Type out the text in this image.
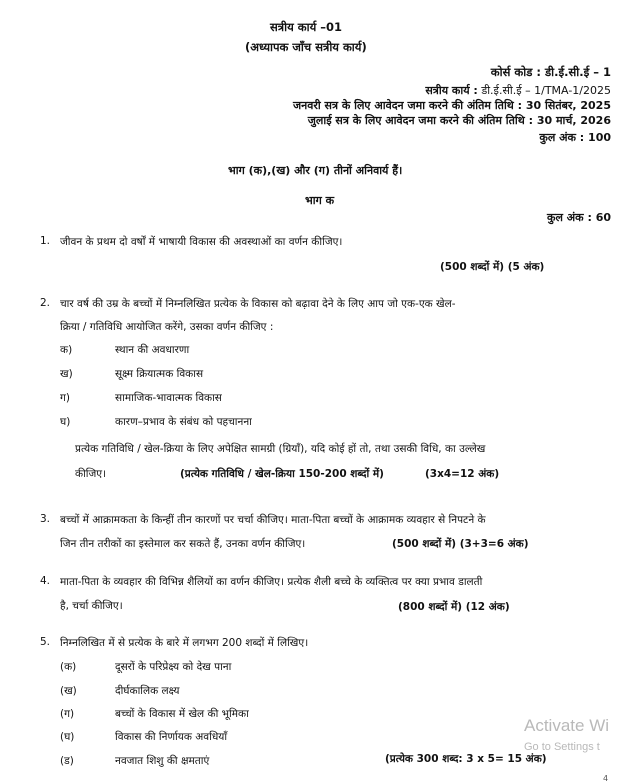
सत्रीय कार्य –01
(अध्यापक जाँच सत्रीय कार्य)
कोर्स कोड : डी.ई.सी.ई – 1
सत्रीय कार्य : डी.ई.सी.ई – 1/TMA-1/2025
जनवरी सत्र के लिए आवेदन जमा करने की अंतिम तिथि : 30 सितंबर, 2025
जुलाई सत्र के लिए आवेदन जमा करने की अंतिम तिथि : 30 मार्च, 2026
कुल अंक : 100
भाग (क),(ख) और (ग) तीनों अनिवार्य हैं।
भाग क
कुल अंक : 60
1. जीवन के प्रथम दो वर्षों में भाषायी विकास की अवस्थाओं का वर्णन कीजिए।
(500 शब्दों में) (5 अंक)
2. चार वर्ष की उम्र के बच्चों में निम्नलिखित प्रत्येक के विकास को बढ़ावा देने के लिए आप जो एक-एक खेल-
क्रिया / गतिविधि आयोजित करेंगे, उसका वर्णन कीजिए :
क)	स्थान की अवधारणा
ख)	सूक्ष्म क्रियात्मक विकास
ग)	सामाजिक-भावात्मक विकास
घ)	कारण–प्रभाव के संबंध को पहचानना
प्रत्येक गतिविधि / खेल-क्रिया के लिए अपेक्षित सामग्री (ग्रियाँ), यदि कोई हों तो, तथा उसकी विधि, का उल्लेख
कीजिए।	(प्रत्येक गतिविधि / खेल-क्रिया 150-200 शब्दों में)	(3x4=12 अंक)
3. बच्चों में आक्रामकता के किन्हीं तीन कारणों पर चर्चा कीजिए। माता-पिता बच्चों के आक्रामक व्यवहार से निपटने के
जिन तीन तरीकों का इस्तेमाल कर सकते हैं, उनका वर्णन कीजिए।	(500 शब्दों में) (3+3=6 अंक)
4. माता-पिता के व्यवहार की विभिन्न शैलियों का वर्णन कीजिए। प्रत्येक शैली बच्चे के व्यक्तित्व पर क्या प्रभाव डालती
है, चर्चा कीजिए।	(800 शब्दों में) (12 अंक)
5. निम्नलिखित में से प्रत्येक के बारे में लगभग 200 शब्दों में लिखिए।
(क)	दूसरों के परिप्रेक्ष्य को देख पाना
(ख)	दीर्घकालिक लक्ष्य
(ग)	बच्चों के विकास में खेल की भूमिका
(घ)	विकास की निर्णायक अवधियाँ
(ड)	नवजात शिशु की क्षमताएं	(प्रत्येक 300 शब्द: 3 x 5= 15 अंक)
Activate Wi
Go to Settings t
4
